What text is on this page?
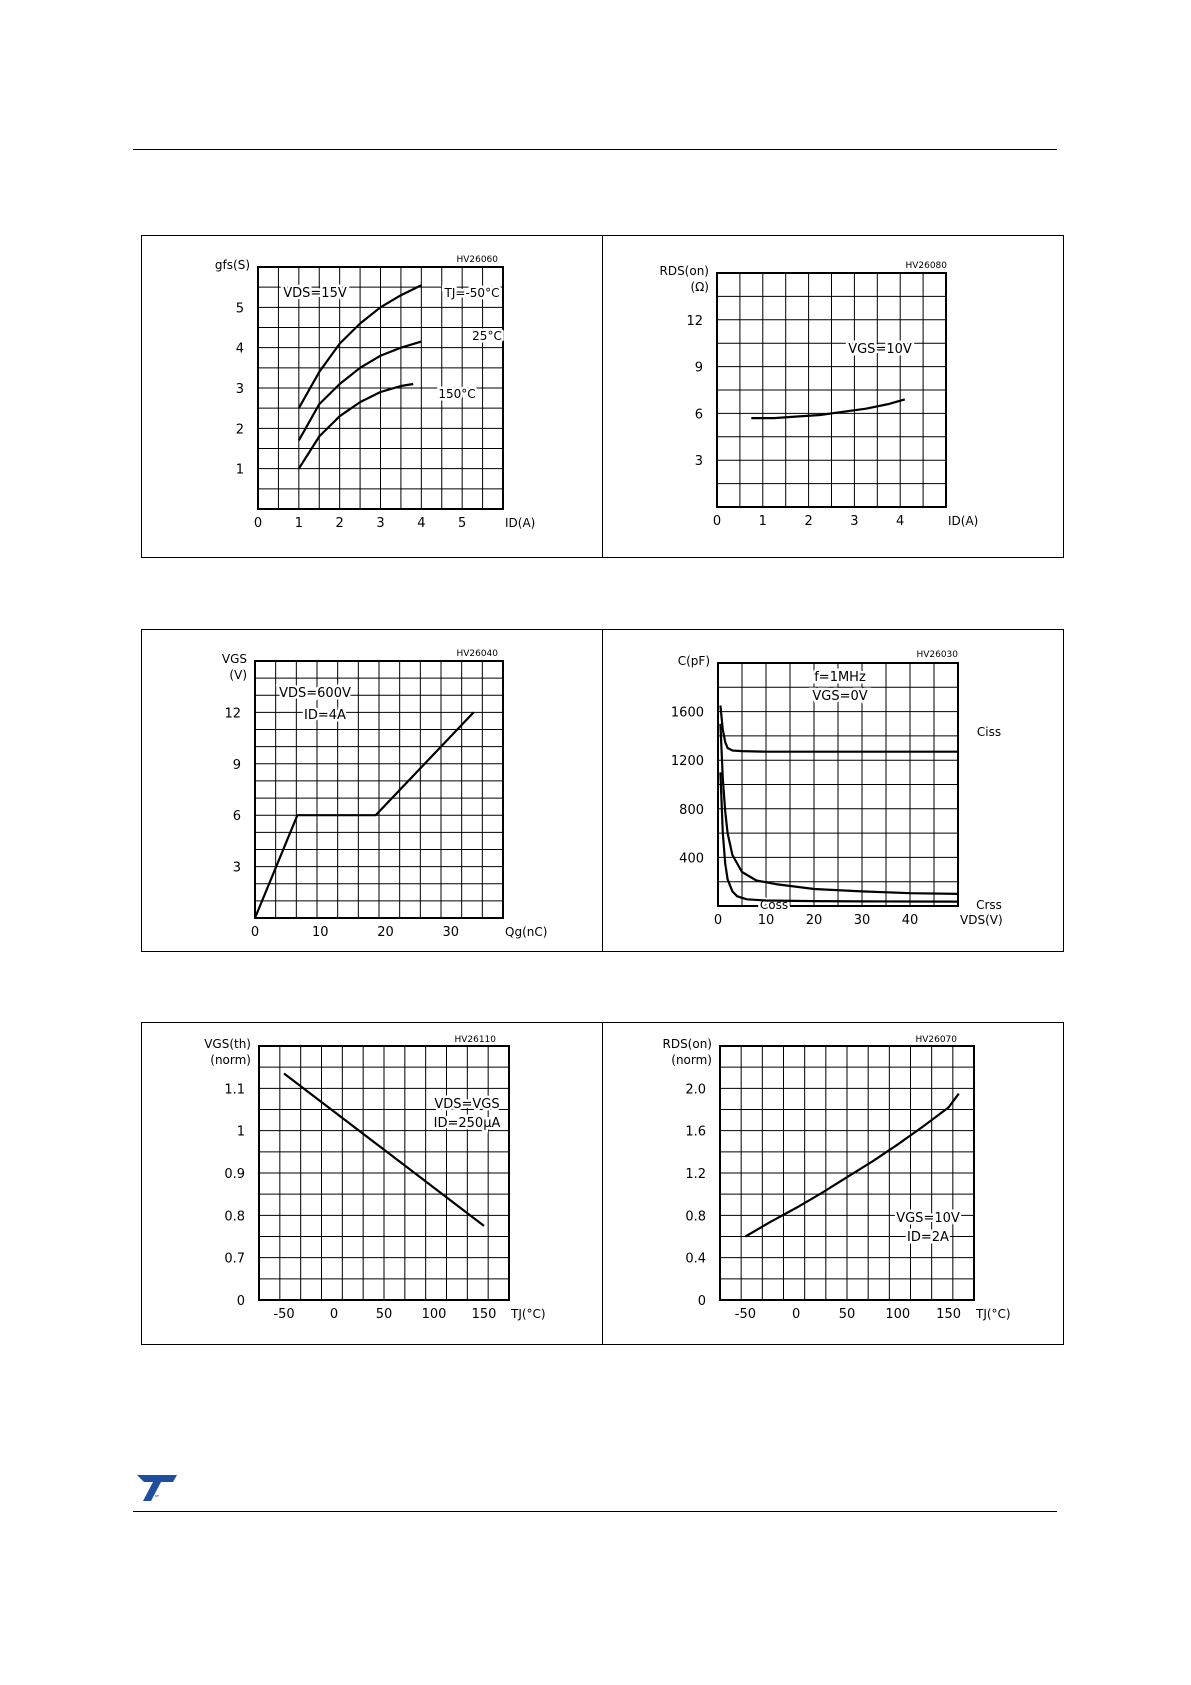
HV26060
1
2
3
4
5
0	1	2	3	4	5
gfs(S)
ID(A)
VDS=15V	TJ=-50°C
25°C
150°C
HV26080
3
6
9
12
0	1	2	3	4
RDS(on)
(Ω)
ID(A)
VGS=10V
HV26040
3
6
9
12
0	10	20	30
VGS
(V)
Qg(nC)
VDS=600V
ID=4A
HV26030
400
800
1200
1600
0	10 20 30 40
C(pF)
VDS(V)
f=1MHz
VGS=0V
Ciss
Coss	Crss
HV26110
0
0.7
0.8
0.9
1
1.1
-50	0	50 100 150
VGS(th)
(norm)
TJ(°C)
VDS=VGS
ID=250μA
HV26070
0
0.4
0.8
1.2
1.6
2.0
-50	0	50 100 150
RDS(on)
(norm)
TJ(°C)
VGS=10V
ID=2A
ST
